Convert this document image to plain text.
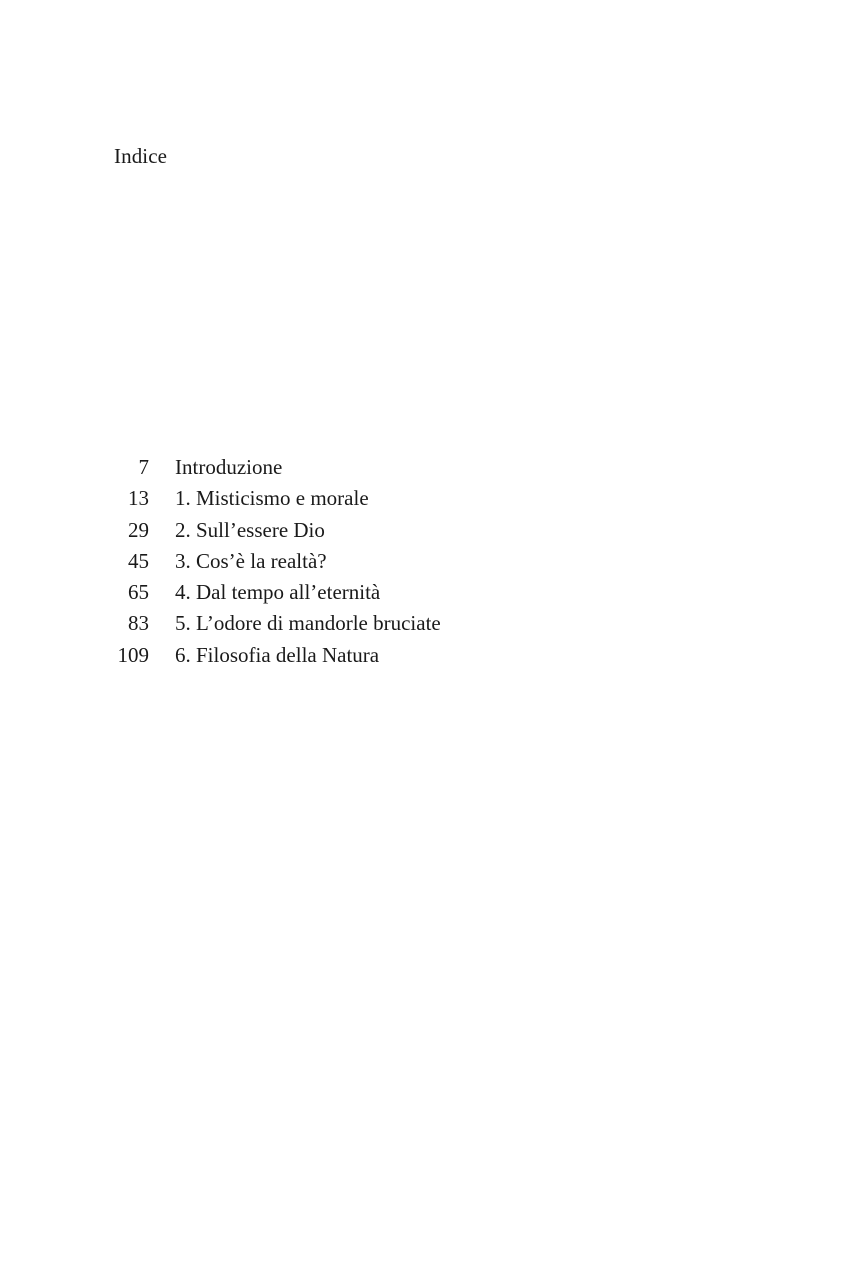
Indice
7 Introduzione
13 1. Misticismo e morale
29 2. Sull’essere Dio
45 3. Cos’è la realtà?
65 4. Dal tempo all’eternità
83 5. L’odore di mandorle bruciate
109 6. Filosofia della Natura
